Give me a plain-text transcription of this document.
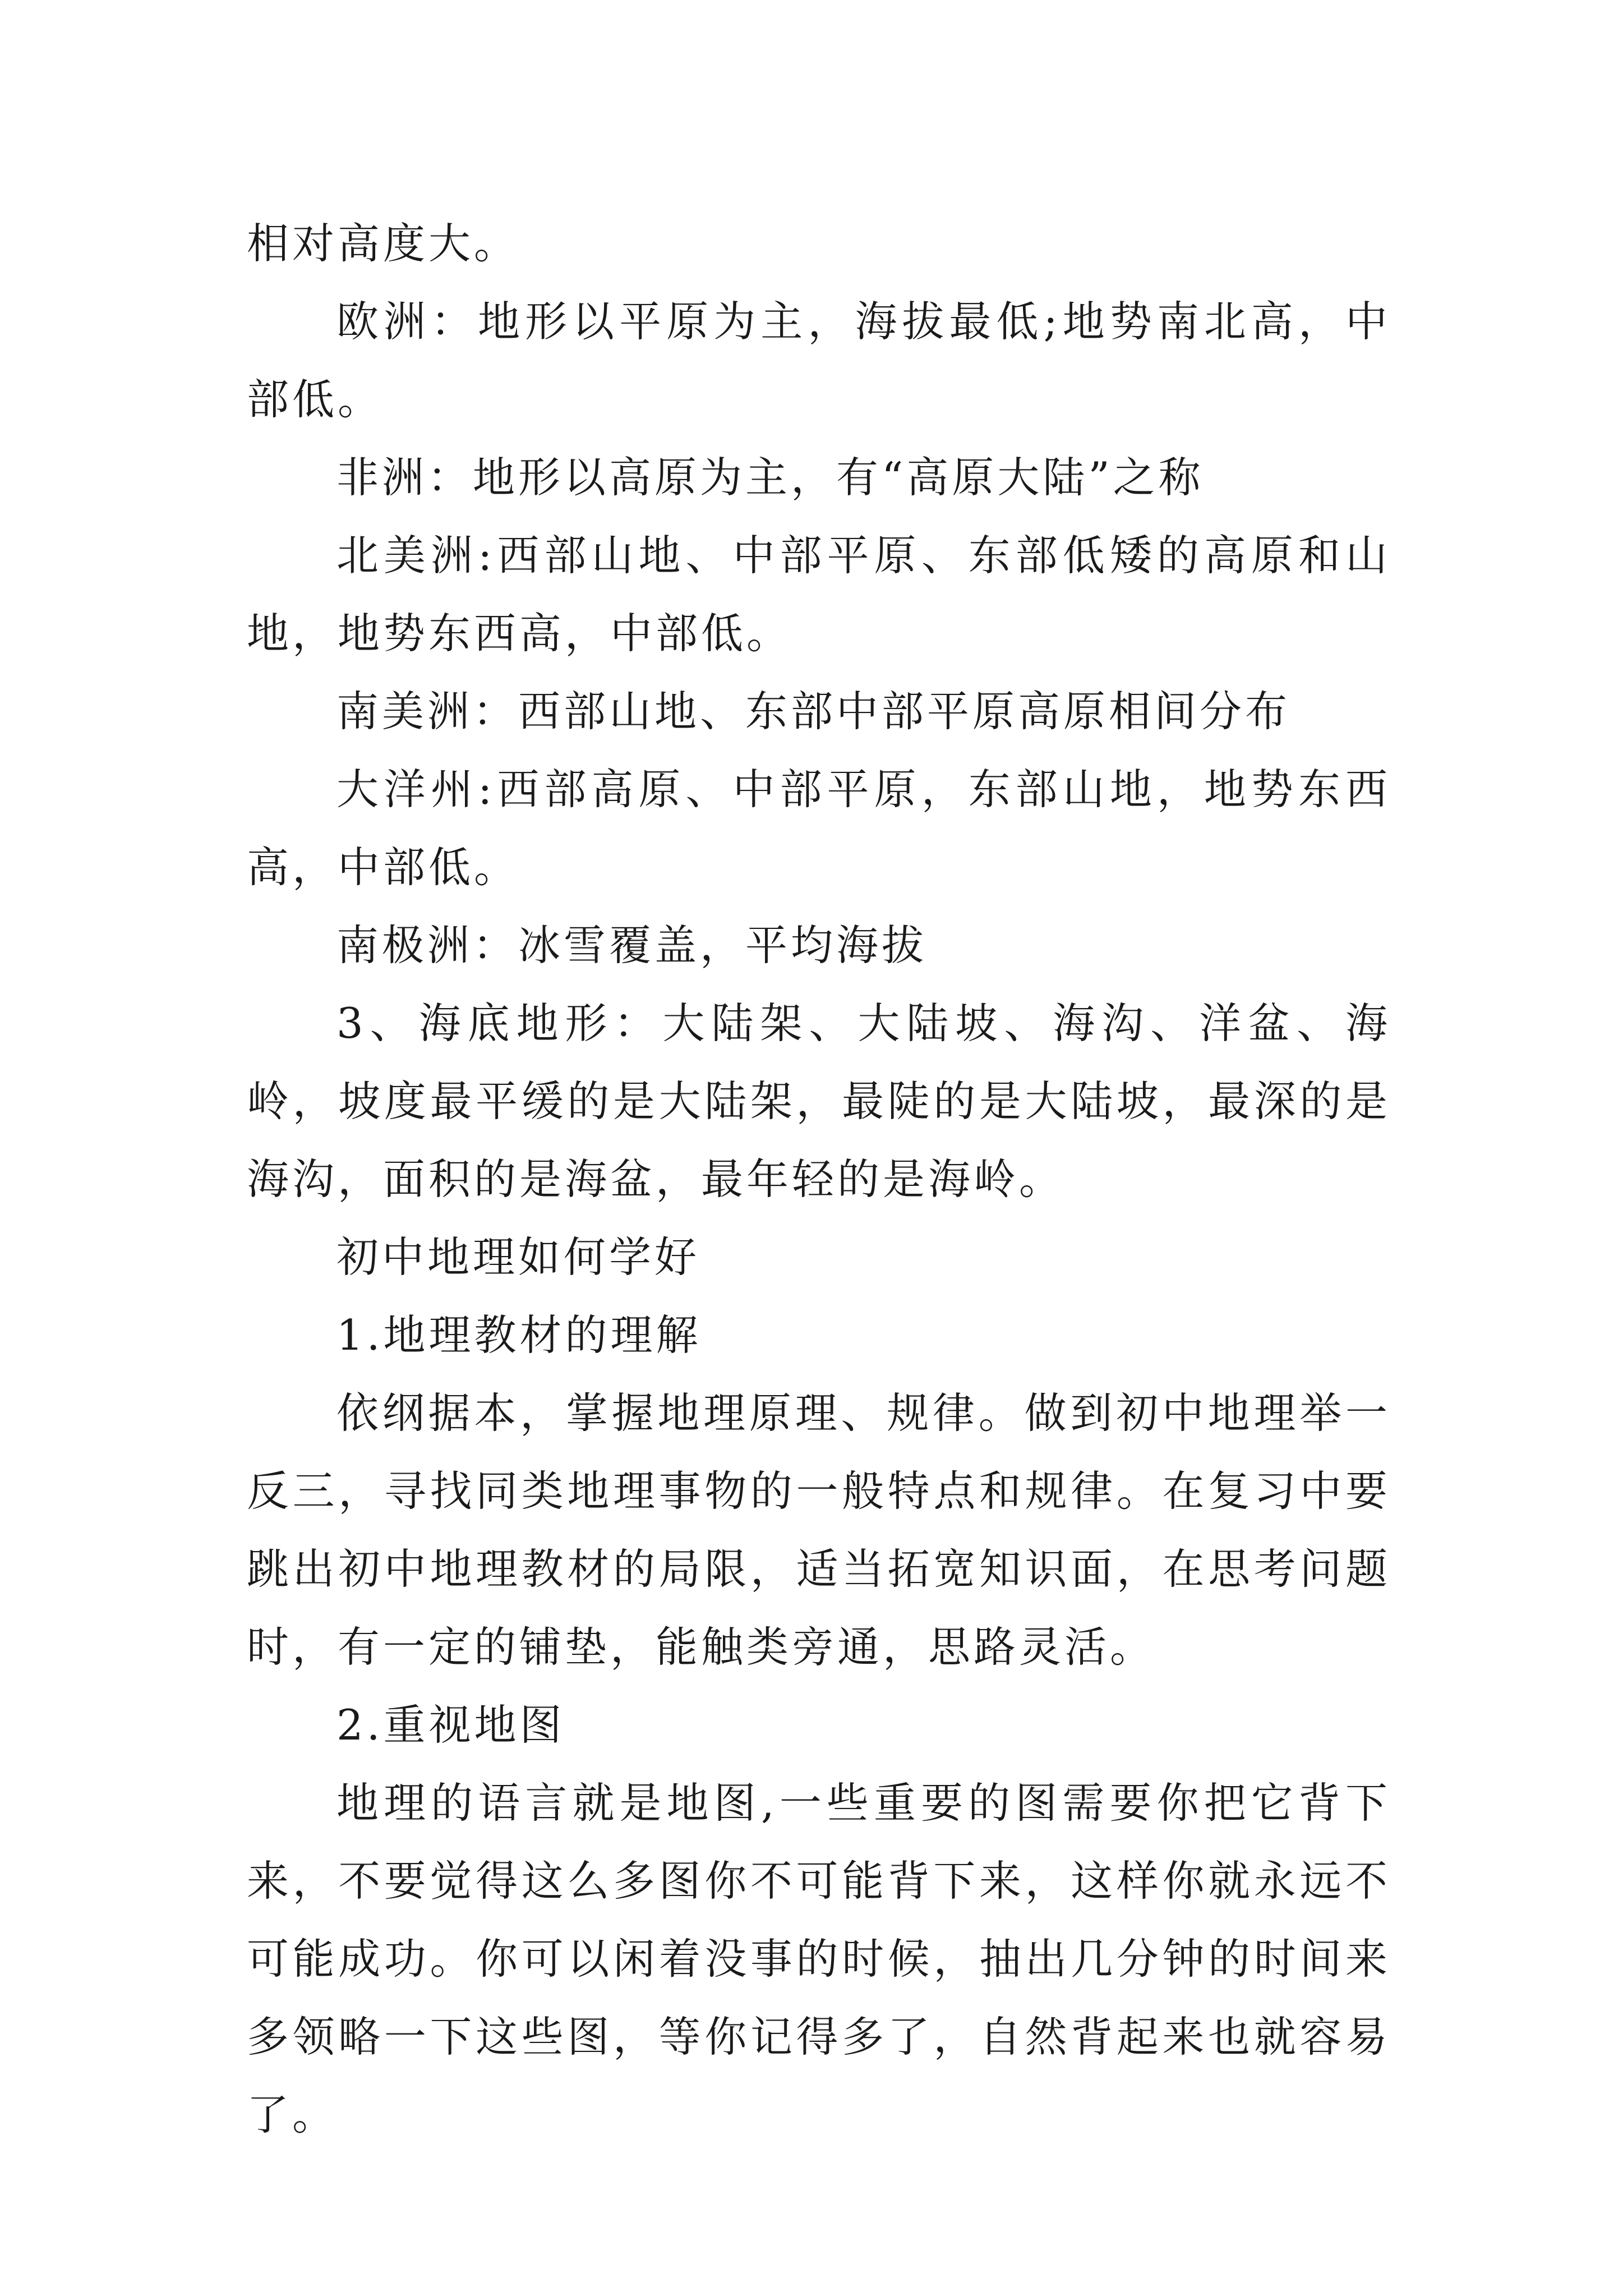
相对高度大。

欧洲：地形以平原为主，海拔最低;地势南北高，中部低。

非洲：地形以高原为主，有“高原大陆”之称

北美洲:西部山地、中部平原、东部低矮的高原和山地，地势东西高，中部低。

南美洲：西部山地、东部中部平原高原相间分布

大洋州:西部高原、中部平原，东部山地，地势东西高，中部低。

南极洲：冰雪覆盖，平均海拔

3、海底地形：大陆架、大陆坡、海沟、洋盆、海岭，坡度最平缓的是大陆架，最陡的是大陆坡，最深的是海沟，面积的是海盆，最年轻的是海岭。

初中地理如何学好

1.地理教材的理解

依纲据本，掌握地理原理、规律。做到初中地理举一反三，寻找同类地理事物的一般特点和规律。在复习中要跳出初中地理教材的局限，适当拓宽知识面，在思考问题时，有一定的铺垫，能触类旁通，思路灵活。

2.重视地图

地理的语言就是地图,一些重要的图需要你把它背下来，不要觉得这么多图你不可能背下来，这样你就永远不可能成功。你可以闲着没事的时候，抽出几分钟的时间来多领略一下这些图，等你记得多了，自然背起来也就容易了。
